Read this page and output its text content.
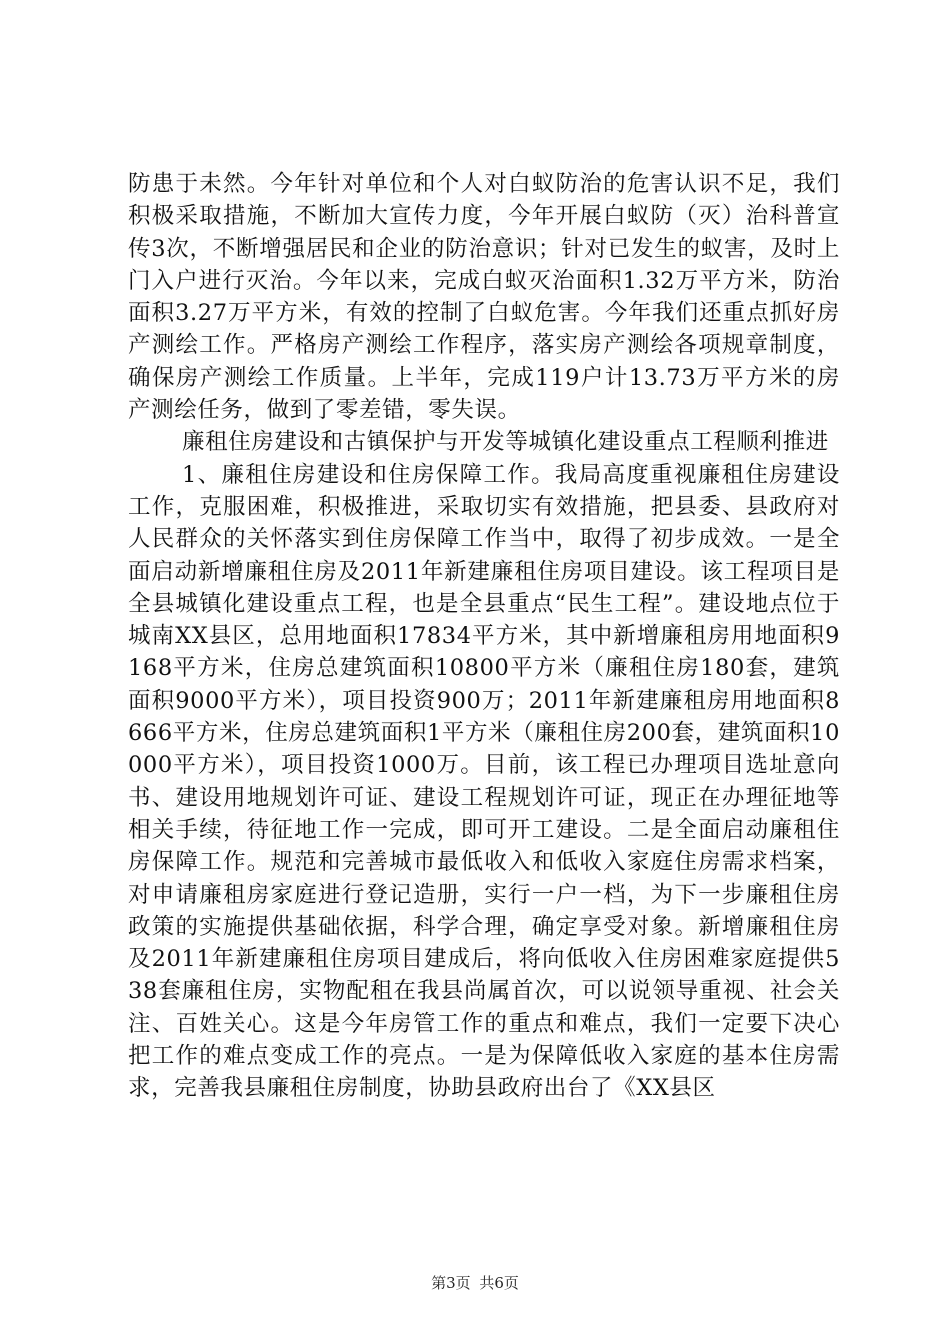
防患于未然。今年针对单位和个人对白蚁防治的危害认识不足，我们积极采取措施，不断加大宣传力度，今年开展白蚁防（灭）治科普宣传3次，不断增强居民和企业的防治意识；针对已发生的蚁害，及时上门入户进行灭治。今年以来，完成白蚁灭治面积1.32万平方米，防治面积3.27万平方米，有效的控制了白蚁危害。今年我们还重点抓好房产测绘工作。严格房产测绘工作程序，落实房产测绘各项规章制度，确保房产测绘工作质量。上半年，完成119户计13.73万平方米的房产测绘任务，做到了零差错，零失误。

廉租住房建设和古镇保护与开发等城镇化建设重点工程顺利推进

1、廉租住房建设和住房保障工作。我局高度重视廉租住房建设工作，克服困难，积极推进，采取切实有效措施，把县委、县政府对人民群众的关怀落实到住房保障工作当中，取得了初步成效。一是全面启动新增廉租住房及2011年新建廉租住房项目建设。该工程项目是全县城镇化建设重点工程，也是全县重点“民生工程”。建设地点位于城南XX县区，总用地面积17834平方米，其中新增廉租房用地面积9168平方米，住房总建筑面积10800平方米（廉租住房180套，建筑面积9000平方米），项目投资900万；2011年新建廉租房用地面积8666平方米，住房总建筑面积1平方米（廉租住房200套，建筑面积10000平方米），项目投资1000万。目前，该工程已办理项目选址意向书、建设用地规划许可证、建设工程规划许可证，现正在办理征地等相关手续，待征地工作一完成，即可开工建设。二是全面启动廉租住房保障工作。规范和完善城市最低收入和低收入家庭住房需求档案，对申请廉租房家庭进行登记造册，实行一户一档，为下一步廉租住房政策的实施提供基础依据，科学合理，确定享受对象。新增廉租住房及2011年新建廉租住房项目建成后，将向低收入住房困难家庭提供538套廉租住房，实物配租在我县尚属首次，可以说领导重视、社会关注、百姓关心。这是今年房管工作的重点和难点，我们一定要下决心把工作的难点变成工作的亮点。一是为保障低收入家庭的基本住房需求，完善我县廉租住房制度，协助县政府出台了《XX县区

第3页 共6页
